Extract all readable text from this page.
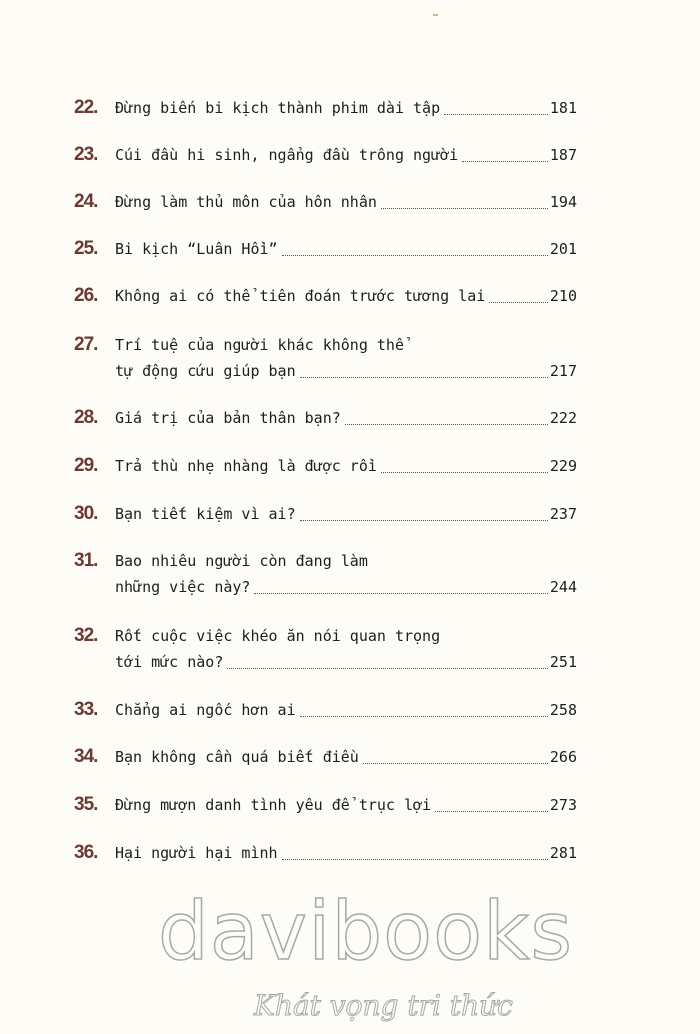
22. Đừng biến bi kịch thành phim dài tập	181
23. Cúi đầu hi sinh, ngẩng đầu trông người	187
24. Đừng làm thủ môn của hôn nhân	194
25. Bi kịch “Luân Hồi”	201
26. Không ai có thể tiên đoán trước tương lai	210
27. Trí tuệ của người khác không thể
tự động cứu giúp bạn	217
28. Giá trị của bản thân bạn?	222
29. Trả thù nhẹ nhàng là được rồi	229
30. Bạn tiết kiệm vì ai?	237
31. Bao nhiêu người còn đang làm
những việc này?	244
32. Rốt cuộc việc khéo ăn nói quan trọng
tới mức nào?	251
33. Chẳng ai ngốc hơn ai	258
34. Bạn không cần quá biết điều	266
35. Đừng mượn danh tình yêu để trục lợi	273
36. Hại người hại mình	281
davibooks
Khát vọng tri thức
